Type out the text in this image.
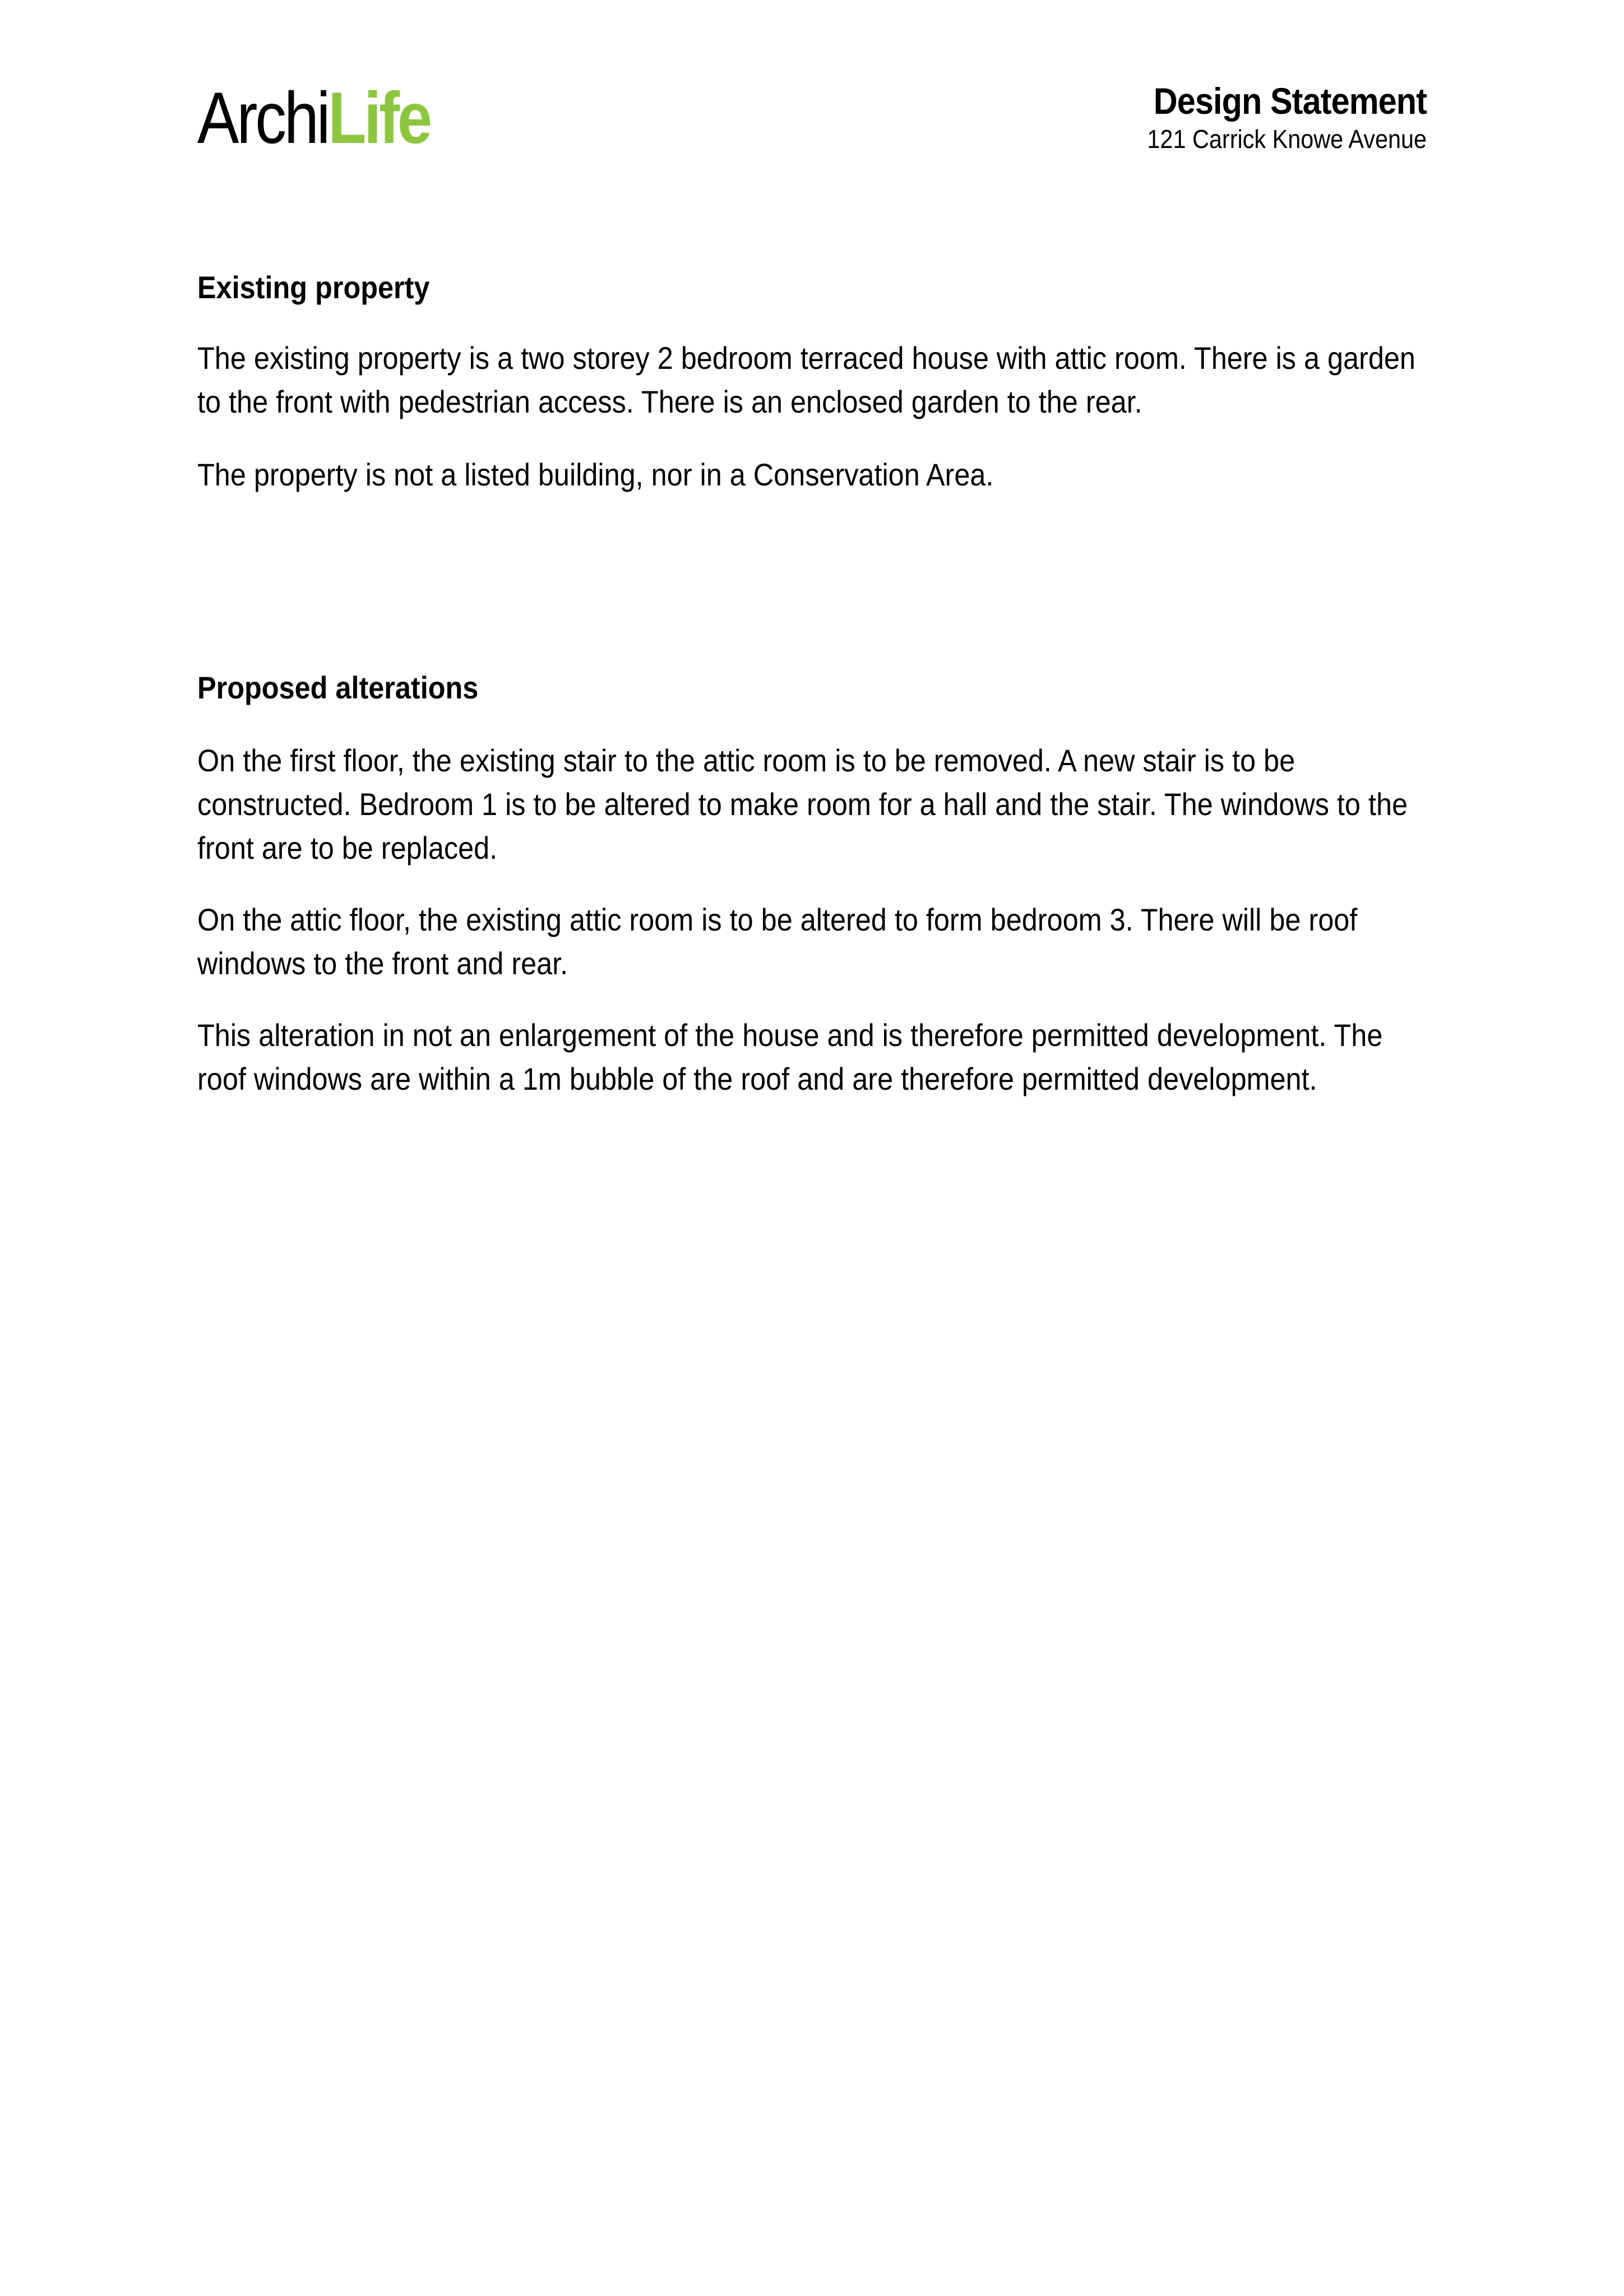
ArchiLife	Design Statement
121 Carrick Knowe Avenue
Existing property

The existing property is a two storey 2 bedroom terraced house with attic room. There is a garden to the front with pedestrian access. There is an enclosed garden to the rear.

The property is not a listed building, nor in a Conservation Area.

Proposed alterations

On the first floor, the existing stair to the attic room is to be removed. A new stair is to be constructed. Bedroom 1 is to be altered to make room for a hall and the stair. The windows to the front are to be replaced.

On the attic floor, the existing attic room is to be altered to form bedroom 3. There will be roof windows to the front and rear.

This alteration in not an enlargement of the house and is therefore permitted development. The roof windows are within a 1m bubble of the roof and are therefore permitted development.
